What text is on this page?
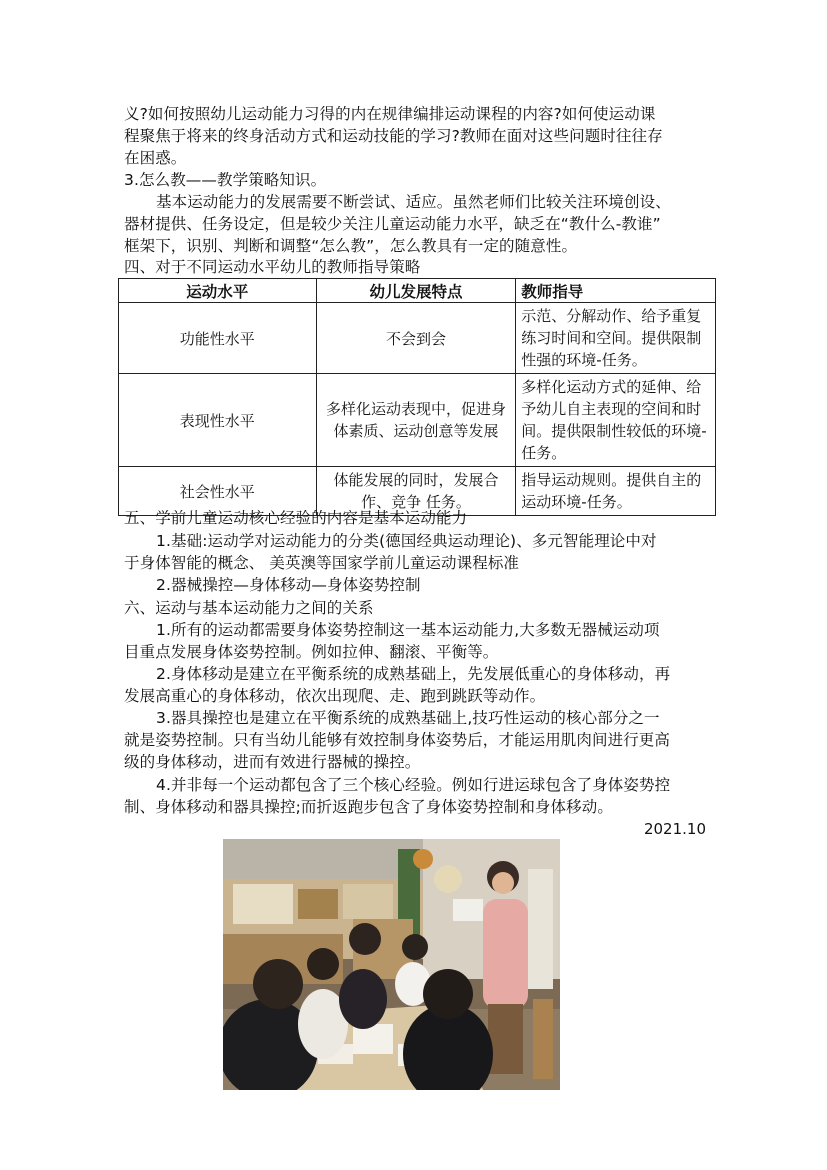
义?如何按照幼儿运动能力习得的内在规律编排运动课程的内容?如何使运动课
程聚焦于将来的终身活动方式和运动技能的学习?教师在面对这些问题时往往存
在困惑。
3.怎么教——教学策略知识。
基本运动能力的发展需要不断尝试、适应。虽然老师们比较关注环境创设、
器材提供、任务设定，但是较少关注儿童运动能力水平，缺乏在“教什么-教谁”
框架下，识别、判断和调整“怎么教”，怎么教具有一定的随意性。
四、对于不同运动水平幼儿的教师指导策略
运动水平	幼儿发展特点	教师指导
功能性水平	不会到会	示范、分解动作、给予重复练习时间和空间。提供限制性强的环境-任务。
表现性水平	多样化运动表现中，促进身 体素质、运动创意等发展	多样化运动方式的延伸、给予幼儿自主表现的空间和时间。提供限制性较低的环境-任务。
社会性水平	体能发展的同时，发展合作、竞争 任务。	指导运动规则。提供自主的运动环境-任务。
五、学前儿童运动核心经验的内容是基本运动能力
1.基础:运动学对运动能力的分类(德国经典运动理论)、多元智能理论中对
于身体智能的概念、 美英澳等国家学前儿童运动课程标准
2.器械操控—身体移动—身体姿势控制
六、运动与基本运动能力之间的关系
1.所有的运动都需要身体姿势控制这一基本运动能力,大多数无器械运动项
目重点发展身体姿势控制。例如拉伸、翻滚、平衡等。
2.身体移动是建立在平衡系统的成熟基础上，先发展低重心的身体移动，再
发展高重心的身体移动，依次出现爬、走、跑到跳跃等动作。
3.器具操控也是建立在平衡系统的成熟基础上,技巧性运动的核心部分之一
就是姿势控制。只有当幼儿能够有效控制身体姿势后，才能运用肌肉间进行更高
级的身体移动，进而有效进行器械的操控。
4.并非每一个运动都包含了三个核心经验。例如行进运球包含了身体姿势控
制、身体移动和器具操控;而折返跑步包含了身体姿势控制和身体移动。
2021.10
